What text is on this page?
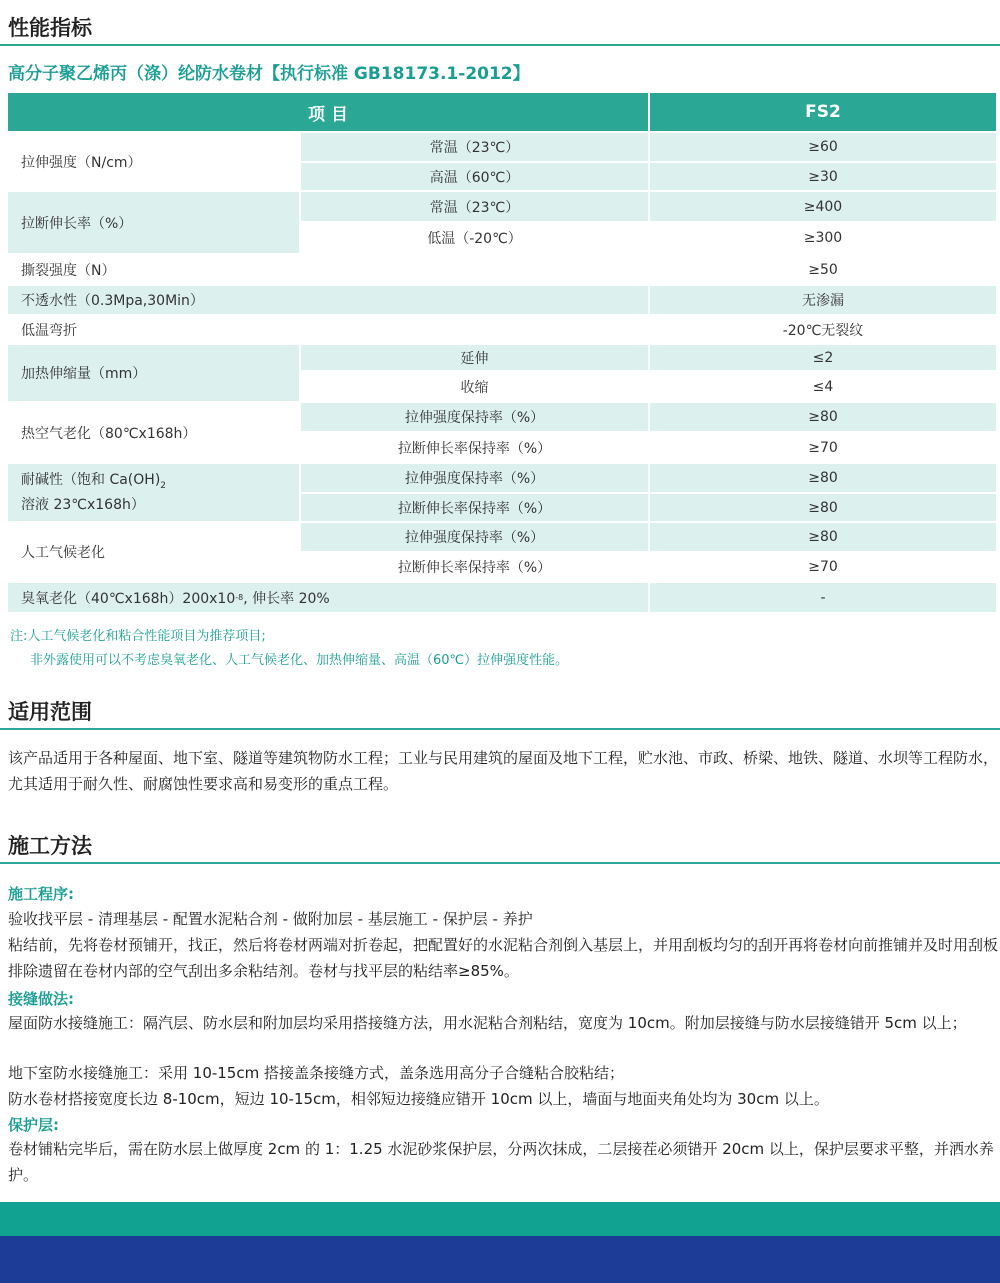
性能指标
高分子聚乙烯丙（涤）纶防水卷材【执行标准 GB18173.1-2012】
项 目	FS2
拉伸强度（N/cm）
常温（23℃）	≥60
高温（60℃）	≥30
拉断伸长率（%）
常温（23℃）	≥400
低温（-20℃）	≥300
撕裂强度（N）	≥50
不透水性（0.3Mpa,30Min）	无渗漏
低温弯折	-20℃无裂纹
加热伸缩量（mm）
延伸	≤2
收缩	≤4
热空气老化（80℃x168h）
拉伸强度保持率（%）	≥80
拉断伸长率保持率（%）	≥70
耐碱性（饱和 $Ca(OH)_2$
溶液 23℃x168h）
拉伸强度保持率（%）	≥80
拉断伸长率保持率（%）	≥80
人工气候老化
拉伸强度保持率（%）	≥80
拉断伸长率保持率（%）	≥70
臭氧老化（40℃x168h）200x10 -8 , 伸长率 20%	-
注:人工气候老化和粘合性能项目为推荐项目;
非外露使用可以不考虑臭氧老化、人工气候老化、加热伸缩量、高温（60℃）拉伸强度性能。
适用范围
该产品适用于各种屋面、地下室、隧道等建筑物防水工程；工业与民用建筑的屋面及地下工程，贮水池、市政、桥梁、地铁、隧道、水坝等工程防水，尤其适用于耐久性、耐腐蚀性要求高和易变形的重点工程。
施工方法
施工程序:
验收找平层 - 清理基层 - 配置水泥粘合剂 - 做附加层 - 基层施工 - 保护层 - 养护
粘结前，先将卷材预铺开，找正，然后将卷材两端对折卷起，把配置好的水泥粘合剂倒入基层上，并用刮板均匀的刮开再将卷材向前推铺并及时用刮板排除遗留在卷材内部的空气刮出多余粘结剂。卷材与找平层的粘结率≥85%。
接缝做法:
屋面防水接缝施工：隔汽层、防水层和附加层均采用搭接缝方法，用水泥粘合剂粘结，宽度为 10cm。附加层接缝与防水层接缝错开 5cm 以上；
地下室防水接缝施工：采用 10-15cm 搭接盖条接缝方式，盖条选用高分子合缝粘合胶粘结；
防水卷材搭接宽度长边 8-10cm，短边 10-15cm，相邻短边接缝应错开 10cm 以上，墙面与地面夹角处均为 30cm 以上。
保护层:
卷材铺粘完毕后，需在防水层上做厚度 2cm 的 1：1.25 水泥砂浆保护层，分两次抹成，二层接茬必须错开 20cm 以上，保护层要求平整，并洒水养护。
